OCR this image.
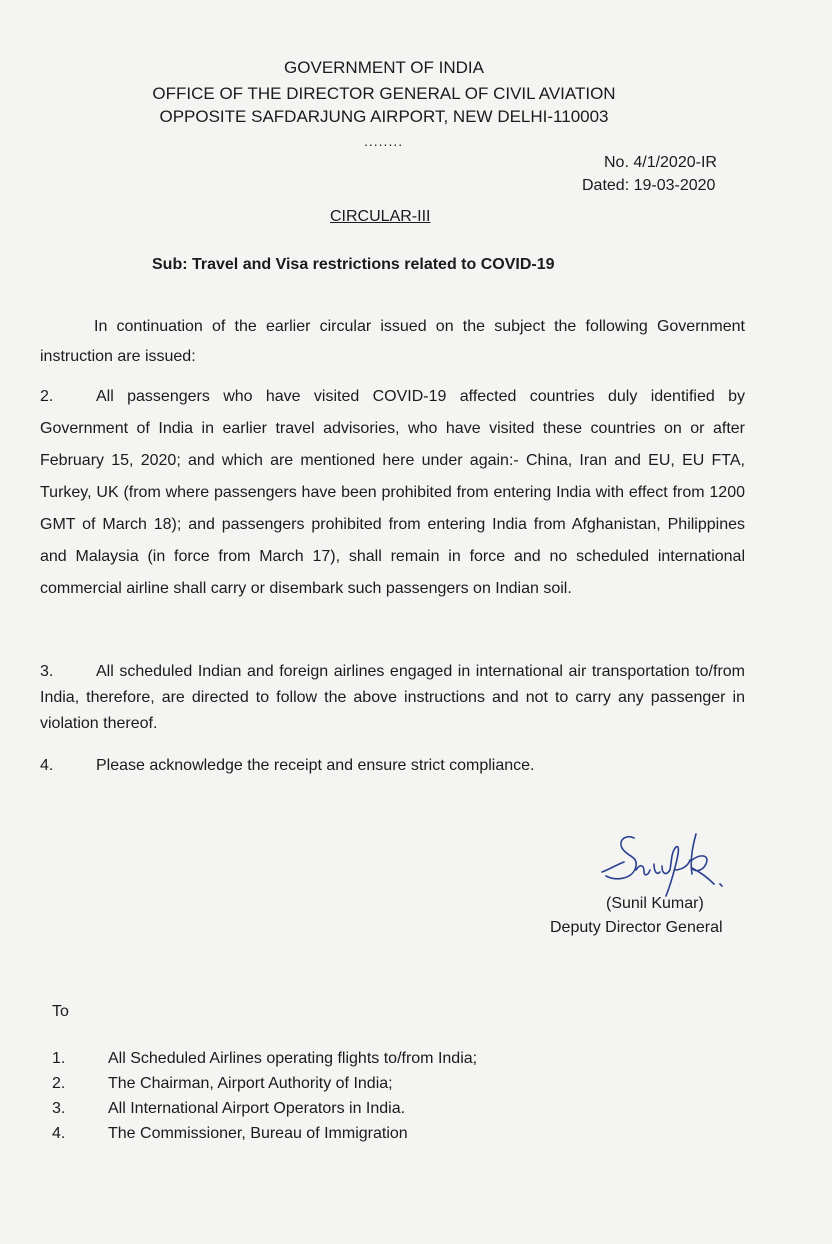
GOVERNMENT OF INDIA
OFFICE OF THE DIRECTOR GENERAL OF CIVIL AVIATION
OPPOSITE SAFDARJUNG AIRPORT, NEW DELHI-110003
........
No. 4/1/2020-IR
Dated: 19-03-2020
CIRCULAR-III
Sub: Travel and Visa restrictions related to COVID-19
In continuation of the earlier circular issued on the subject the following Government instruction are issued:
2.	All passengers who have visited COVID-19 affected countries duly identified by Government of India in earlier travel advisories, who have visited these countries on or after February 15, 2020; and which are mentioned here under again:- China, Iran and EU, EU FTA, Turkey, UK (from where passengers have been prohibited from entering India with effect from 1200 GMT of March 18); and passengers prohibited from entering India from Afghanistan, Philippines and Malaysia (in force from March 17), shall remain in force and no scheduled international commercial airline shall carry or disembark such passengers on Indian soil.
3.	All scheduled Indian and foreign airlines engaged in international air transportation to/from India, therefore, are directed to follow the above instructions and not to carry any passenger in violation thereof.
4.	Please acknowledge the receipt and ensure strict compliance.
(Sunil Kumar)
Deputy Director General
To
1.	All Scheduled Airlines operating flights to/from India;
2.	The Chairman, Airport Authority of India;
3.	All International Airport Operators in India.
4.	The Commissioner, Bureau of Immigration
